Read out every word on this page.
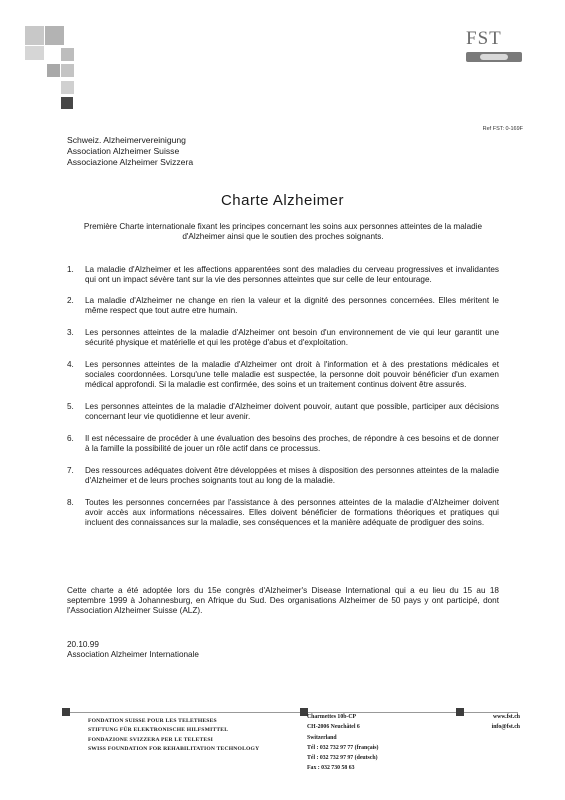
FST
Ref FST: 0-169F
Schweiz. Alzheimervereinigung
Association Alzheimer Suisse
Associazione Alzheimer Svizzera
Charte Alzheimer
Première Charte internationale fixant les principes concernant les soins aux personnes atteintes de la maladie d'Alzheimer ainsi que le soutien des proches soignants.
1.	La maladie d'Alzheimer et les affections apparentées sont des maladies du cerveau progressives et invalidantes qui ont un impact sévère tant sur la vie des personnes atteintes que sur celle de leur entourage.
2.	La maladie d'Alzheimer ne change en rien la valeur et la dignité des personnes concernées. Elles méritent le même respect que tout autre etre humain.
3.	Les personnes atteintes de la maladie d'Alzheimer ont besoin d'un environnement de vie qui leur garantit une sécurité physique et matérielle et qui les protège d'abus et d'exploitation.
4.	Les personnes atteintes de la maladie d'Alzheimer ont droit à l'information et à des prestations médicales et sociales coordonnées. Lorsqu'une telle maladie est suspectée, la personne doit pouvoir bénéficier d'un examen médical approfondi. Si la maladie est confirmée, des soins et un traitement continus doivent être assurés.
5.	Les personnes atteintes de la maladie d'Alzheimer doivent pouvoir, autant que possible, participer aux décisions concernant leur vie quotidienne et leur avenir.
6.	Il est nécessaire de procéder à une évaluation des besoins des proches, de répondre à ces besoins et de donner à la famille la possibilité de jouer un rôle actif dans ce processus.
7.	Des ressources adéquates doivent être développées et mises à disposition des personnes atteintes de la maladie d'Alzheimer et de leurs proches soignants tout au long de la maladie.
8.	Toutes les personnes concernées par l'assistance à des personnes atteintes de la maladie d'Alzheimer doivent avoir accès aux informations nécessaires. Elles doivent bénéficier de formations théoriques et pratiques qui incluent des connaissances sur la maladie, ses conséquences et la manière adéquate de prodiguer des soins.
Cette charte a été adoptée lors du 15e congrès d'Alzheimer's Disease International qui a eu lieu du 15 au 18 septembre 1999 à Johannesburg, en Afrique du Sud. Des organisations Alzheimer de 50 pays y ont participé, dont l'Association Alzheimer Suisse (ALZ).
20.10.99
Association Alzheimer Internationale
FONDATION SUISSE POUR LES TELETHESES
STIFTUNG FÜR ELEKTRONISCHE HILFSMITTEL
FONDAZIONE SVIZZERA PER LE TELETESI
SWISS FOUNDATION FOR REHABILITATION TECHNOLOGY
Charmettes 10b-CP
CH-2006 Neuchâtel 6
Switzerland
Tél : 032 732 97 77 (français)
Tél : 032 732 97 97 (deutsch)
Fax : 032 730 58 63
www.fst.ch
info@fst.ch
